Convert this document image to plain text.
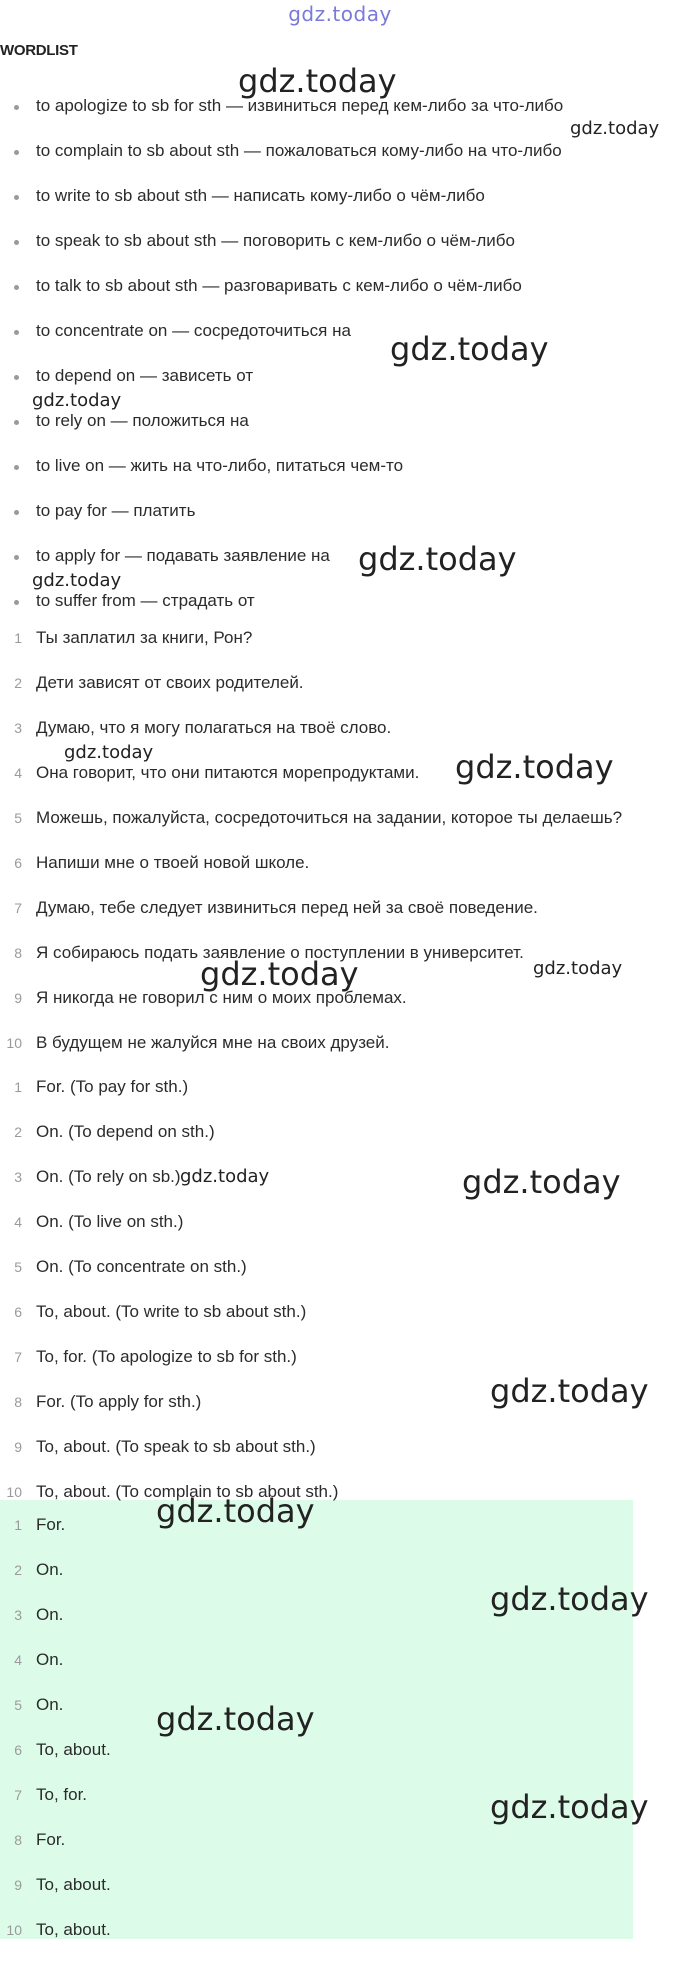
gdz.today
WORDLIST
to apologize to sb for sth — извиниться перед кем-либо за что-либо
to complain to sb about sth — пожаловаться кому-либо на что-либо
to write to sb about sth — написать кому-либо о чём-либо
to speak to sb about sth — поговорить с кем-либо о чём-либо
to talk to sb about sth — разговаривать с кем-либо о чём-либо
to concentrate on — сосредоточиться на
to depend on — зависеть от
to rely on — положиться на
to live on — жить на что-либо, питаться чем-то
to pay for — платить
to apply for — подавать заявление на
to suffer from — страдать от
1 Ты заплатил за книги, Рон?
2 Дети зависят от своих родителей.
3 Думаю, что я могу полагаться на твоё слово.
4 Она говорит, что они питаются морепродуктами.
5 Можешь, пожалуйста, сосредоточиться на задании, которое ты делаешь?
6 Напиши мне о твоей новой школе.
7 Думаю, тебе следует извиниться перед ней за своё поведение.
8 Я собираюсь подать заявление о поступлении в университет.
9 Я никогда не говорил с ним о моих проблемах.
10 В будущем не жалуйся мне на своих друзей.
1 For. (To pay for sth.)
2 On. (To depend on sth.)
3 On. (To rely on sb.)
4 On. (To live on sth.)
5 On. (To concentrate on sth.)
6 To, about. (To write to sb about sth.)
7 To, for. (To apologize to sb for sth.)
8 For. (To apply for sth.)
9 To, about. (To speak to sb about sth.)
10 To, about. (To complain to sb about sth.)
1 For.
2 On.
3 On.
4 On.
5 On.
6 To, about.
7 To, for.
8 For.
9 To, about.
10 To, about.
gdz.today
gdz.today
gdz.today
gdz.today
gdz.today
gdz.today
gdz.today	gdz.today
gdz.today	gdz.today
gdz.today	gdz.today
gdz.today
gdz.today
gdz.today
gdz.today
gdz.today
